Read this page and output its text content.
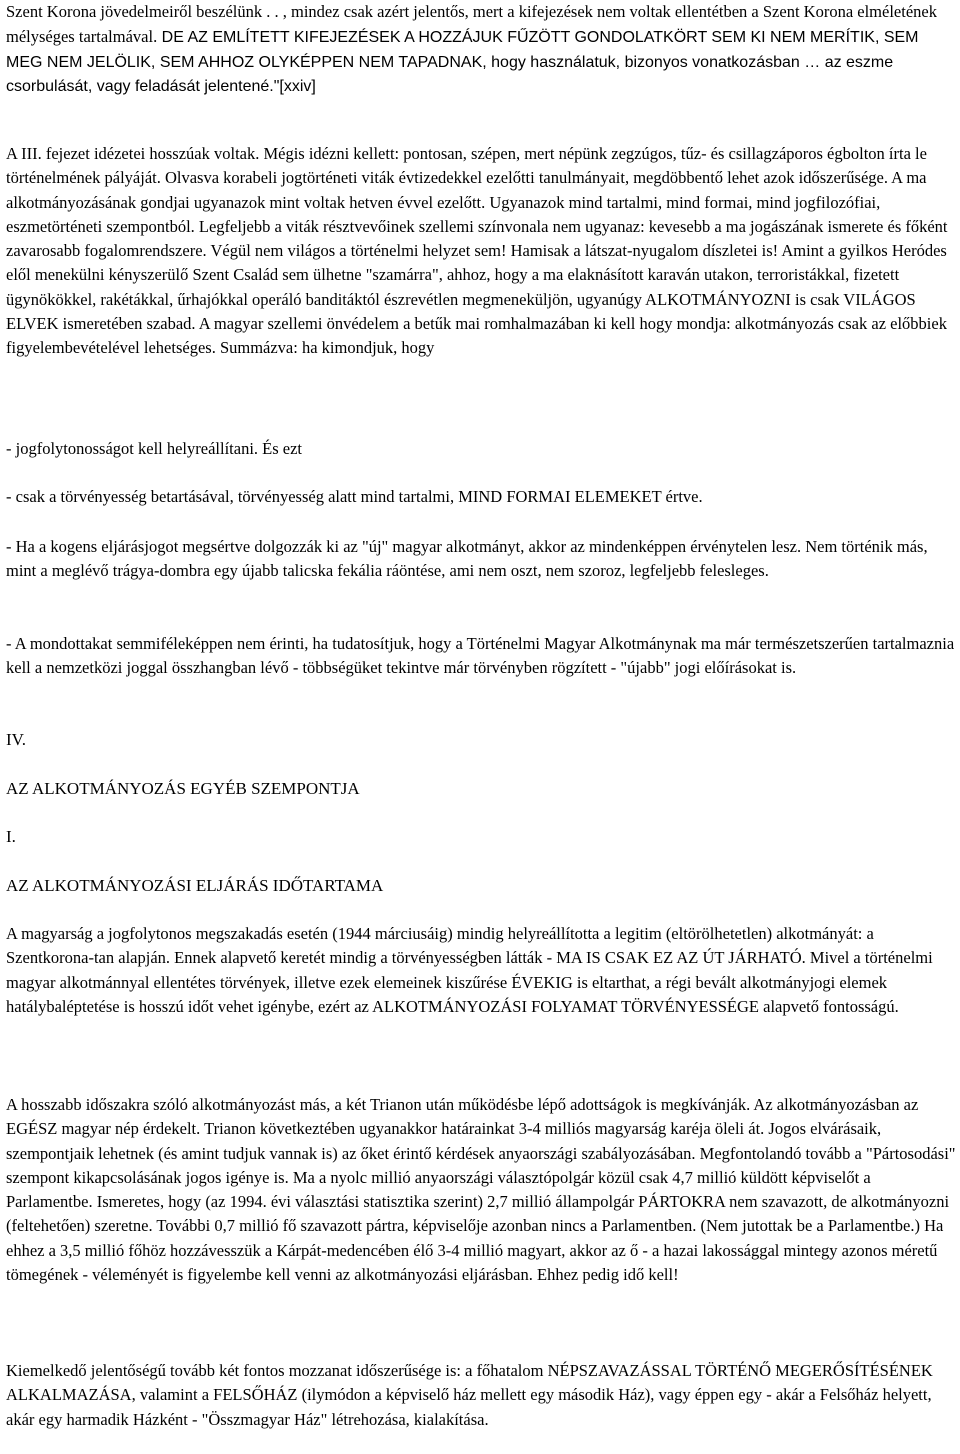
Szent Korona jövedelmeiről beszélünk . . , mindez csak azért jelentős, mert a kifejezések nem voltak ellentétben a Szent Korona elméletének mélységes tartalmával. DE AZ EMLÍTETT KIFEJEZÉSEK A HOZZÁJUK FŰZÖTT GONDOLATKÖRT SEM KI NEM MERÍTIK, SEM MEG NEM JELÖLIK, SEM AHHOZ OLYKÉPPEN NEM TAPADNAK, hogy használatuk, bizonyos vonatkozásban … az eszme csorbulását, vagy feladását jelentené."[xxiv]

A III. fejezet idézetei hosszúak voltak. Mégis idézni kellett: pontosan, szépen, mert népünk zegzúgos, tűz- és csillagzáporos égbolton írta le történelmének pályáját. Olvasva korabeli jogtörténeti viták évtizedekkel ezelőtti tanulmányait, megdöbbentő lehet azok időszerűsége. A ma alkotmányozásának gondjai ugyanazok mint voltak hetven évvel ezelőtt. Ugyanazok mind tartalmi, mind formai, mind jogfilozófiai, eszmetörténeti szempontból. Legfeljebb a viták résztvevőinek szellemi színvonala nem ugyanaz: kevesebb a ma jogászának ismerete és főként zavarosabb fogalomrendszere. Végül nem világos a történelmi helyzet sem! Hamisak a látszat-nyugalom díszletei is! Amint a gyilkos Heródes elől menekülni kényszerülő Szent Család sem ülhetne "szamárra", ahhoz, hogy a ma elaknásított karaván utakon, terroristákkal, fizetett ügynökökkel, rakétákkal, űrhajókkal operáló banditáktól észrevétlen megmeneküljön, ugyanúgy ALKOTMÁNYOZNI is csak VILÁGOS ELVEK ismeretében szabad. A magyar szellemi önvédelem a betűk mai romhalmazában ki kell hogy mondja: alkotmányozás csak az előbbiek figyelembevételével lehetséges. Summázva: ha kimondjuk, hogy

- jogfolytonosságot kell helyreállítani. És ezt

- csak a törvényesség betartásával, törvényesség alatt mind tartalmi, MIND FORMAI ELEMEKET értve.

- Ha a kogens eljárásjogot megsértve dolgozzák ki az "új" magyar alkotmányt, akkor az mindenképpen érvénytelen lesz. Nem történik más, mint a meglévő trágya-dombra egy újabb talicska fekália ráöntése, ami nem oszt, nem szoroz, legfeljebb felesleges.

- A mondottakat semmiféleképpen nem érinti, ha tudatosítjuk, hogy a Történelmi Magyar Alkotmánynak ma már természetszerűen tartalmaznia kell a nemzetközi joggal összhangban lévő - többségüket tekintve már törvényben rögzített - "újabb" jogi előírásokat is.

IV.

AZ ALKOTMÁNYOZÁS EGYÉB SZEMPONTJA

I.

AZ ALKOTMÁNYOZÁSI ELJÁRÁS IDŐTARTAMA

A magyarság a jogfolytonos megszakadás esetén (1944 márciusáig) mindig helyreállította a legitim (eltörölhetetlen) alkotmányát: a Szentkorona-tan alapján. Ennek alapvető keretét mindig a törvényességben látták - MA IS CSAK EZ AZ ÚT JÁRHATÓ. Mivel a történelmi magyar alkotmánnyal ellentétes törvények, illetve ezek elemeinek kiszűrése ÉVEKIG is eltarthat, a régi bevált alkotmányjogi elemek hatálybaléptetése is hosszú időt vehet igénybe, ezért az ALKOTMÁNYOZÁSI FOLYAMAT TÖRVÉNYESSÉGE alapvető fontosságú.

A hosszabb időszakra szóló alkotmányozást más, a két Trianon után működésbe lépő adottságok is megkívánják. Az alkotmányozásban az EGÉSZ magyar nép érdekelt. Trianon következtében ugyanakkor határainkat 3-4 milliós magyarság karéja öleli át. Jogos elvárásaik, szempontjaik lehetnek (és amint tudjuk vannak is) az őket érintő kérdések anyaországi szabályozásában. Megfontolandó tovább a "Pártosodási" szempont kikapcsolásának jogos igénye is. Ma a nyolc millió anyaországi választópolgár közül csak 4,7 millió küldött képviselőt a Parlamentbe. Ismeretes, hogy (az 1994. évi választási statisztika szerint) 2,7 millió állampolgár PÁRTOKRA nem szavazott, de alkotmányozni (feltehetően) szeretne. További 0,7 millió fő szavazott pártra, képviselője azonban nincs a Parlamentben. (Nem jutottak be a Parlamentbe.) Ha ehhez a 3,5 millió főhöz hozzávesszük a Kárpát-medencében élő 3-4 millió magyart, akkor az ő - a hazai lakossággal mintegy azonos méretű tömegének - véleményét is figyelembe kell venni az alkotmányozási eljárásban. Ehhez pedig idő kell!

Kiemelkedő jelentőségű tovább két fontos mozzanat időszerűsége is: a főhatalom NÉPSZAVAZÁSSAL TÖRTÉNŐ MEGERŐSÍTÉSÉNEK ALKALMAZÁSA, valamint a FELSŐHÁZ (ilymódon a képviselő ház mellett egy második Ház), vagy éppen egy - akár a Felsőház helyett, akár egy harmadik Házként - "Összmagyar Ház" létrehozása, kialakítása.
